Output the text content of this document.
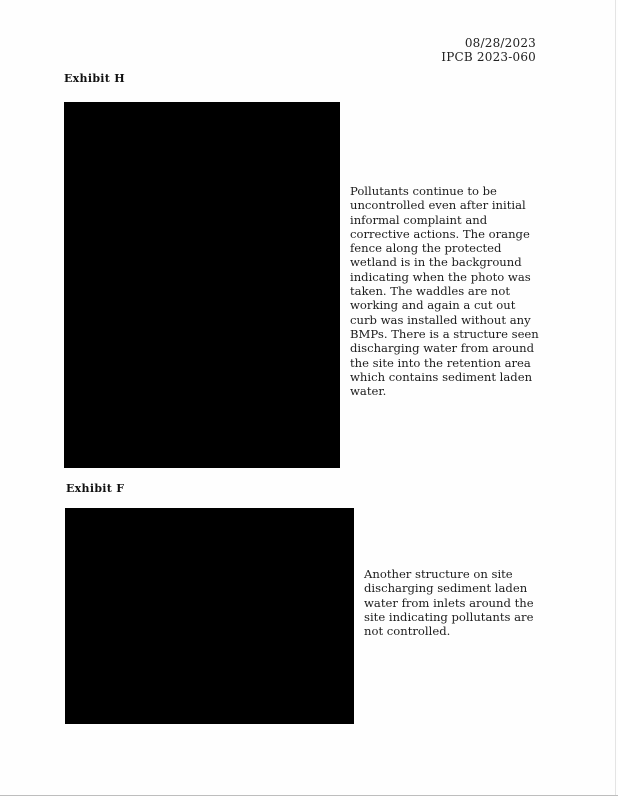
08/28/2023
IPCB 2023-060
Exhibit H
Pollutants continue to be uncontrolled even after initial informal complaint and corrective actions. The orange fence along the protected wetland is in the background indicating when the photo was taken. The waddles are not working and again a cut out curb was installed without any BMPs. There is a structure seen discharging water from around the site into the retention area which contains sediment laden water.
Exhibit F
Another structure on site discharging sediment laden water from inlets around the site indicating pollutants are not controlled.
